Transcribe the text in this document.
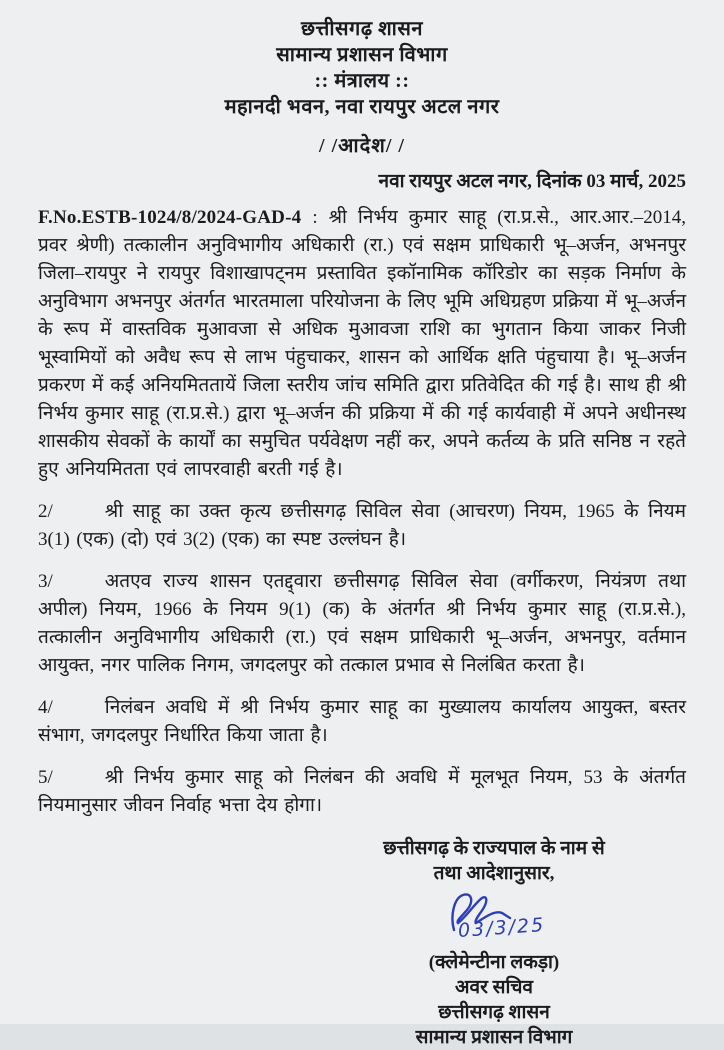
छत्तीसगढ़ शासन
सामान्य प्रशासन विभाग
:: मंत्रालय ::
महानदी भवन, नवा रायपुर अटल नगर
/ /आदेश/ /
नवा रायपुर अटल नगर, दिनांक 03 मार्च, 2025

F.No.ESTB-1024/8/2024-GAD-4 : श्री निर्भय कुमार साहू (रा.प्र.से., आर.आर.–2014, प्रवर श्रेणी) तत्कालीन अनुविभागीय अधिकारी (रा.) एवं सक्षम प्राधिकारी भू–अर्जन, अभनपुर जिला–रायपुर ने रायपुर विशाखापट्नम प्रस्तावित इकॉनामिक कॉरिडोर का सड़क निर्माण के अनुविभाग अभनपुर अंतर्गत भारतमाला परियोजना के लिए भूमि अधिग्रहण प्रक्रिया में भू–अर्जन के रूप में वास्तविक मुआवजा से अधिक मुआवजा राशि का भुगतान किया जाकर निजी भूस्वामियों को अवैध रूप से लाभ पंहुचाकर, शासन को आर्थिक क्षति पंहुचाया है। भू–अर्जन प्रकरण में कई अनियमिततायें जिला स्तरीय जांच समिति द्वारा प्रतिवेदित की गई है। साथ ही श्री निर्भय कुमार साहू (रा.प्र.से.) द्वारा भू–अर्जन की प्रक्रिया में की गई कार्यवाही में अपने अधीनस्थ शासकीय सेवकों के कार्यों का समुचित पर्यवेक्षण नहीं कर, अपने कर्तव्य के प्रति सनिष्ठ न रहते हुए अनियमितता एवं लापरवाही बरती गई है।

2/	श्री साहू का उक्त कृत्य छत्तीसगढ़ सिविल सेवा (आचरण) नियम, 1965 के नियम 3(1) (एक) (दो) एवं 3(2) (एक) का स्पष्ट उल्लंघन है।

3/	अतएव राज्य शासन एतद्द्वारा छत्तीसगढ़ सिविल सेवा (वर्गीकरण, नियंत्रण तथा अपील) नियम, 1966 के नियम 9(1) (क) के अंतर्गत श्री निर्भय कुमार साहू (रा.प्र.से.), तत्कालीन अनुविभागीय अधिकारी (रा.) एवं सक्षम प्राधिकारी भू–अर्जन, अभनपुर, वर्तमान आयुक्त, नगर पालिक निगम, जगदलपुर को तत्काल प्रभाव से निलंबित करता है।

4/	निलंबन अवधि में श्री निर्भय कुमार साहू का मुख्यालय कार्यालय आयुक्त, बस्तर संभाग, जगदलपुर निर्धारित किया जाता है।

5/	श्री निर्भय कुमार साहू को निलंबन की अवधि में मूलभूत नियम, 53 के अंतर्गत नियमानुसार जीवन निर्वाह भत्ता देय होगा।

छत्तीसगढ़ के राज्यपाल के नाम से
तथा आदेशानुसार,
03/3/25
(क्लेमेन्टीना लकड़ा)
अवर सचिव
छत्तीसगढ़ शासन
सामान्य प्रशासन विभाग
